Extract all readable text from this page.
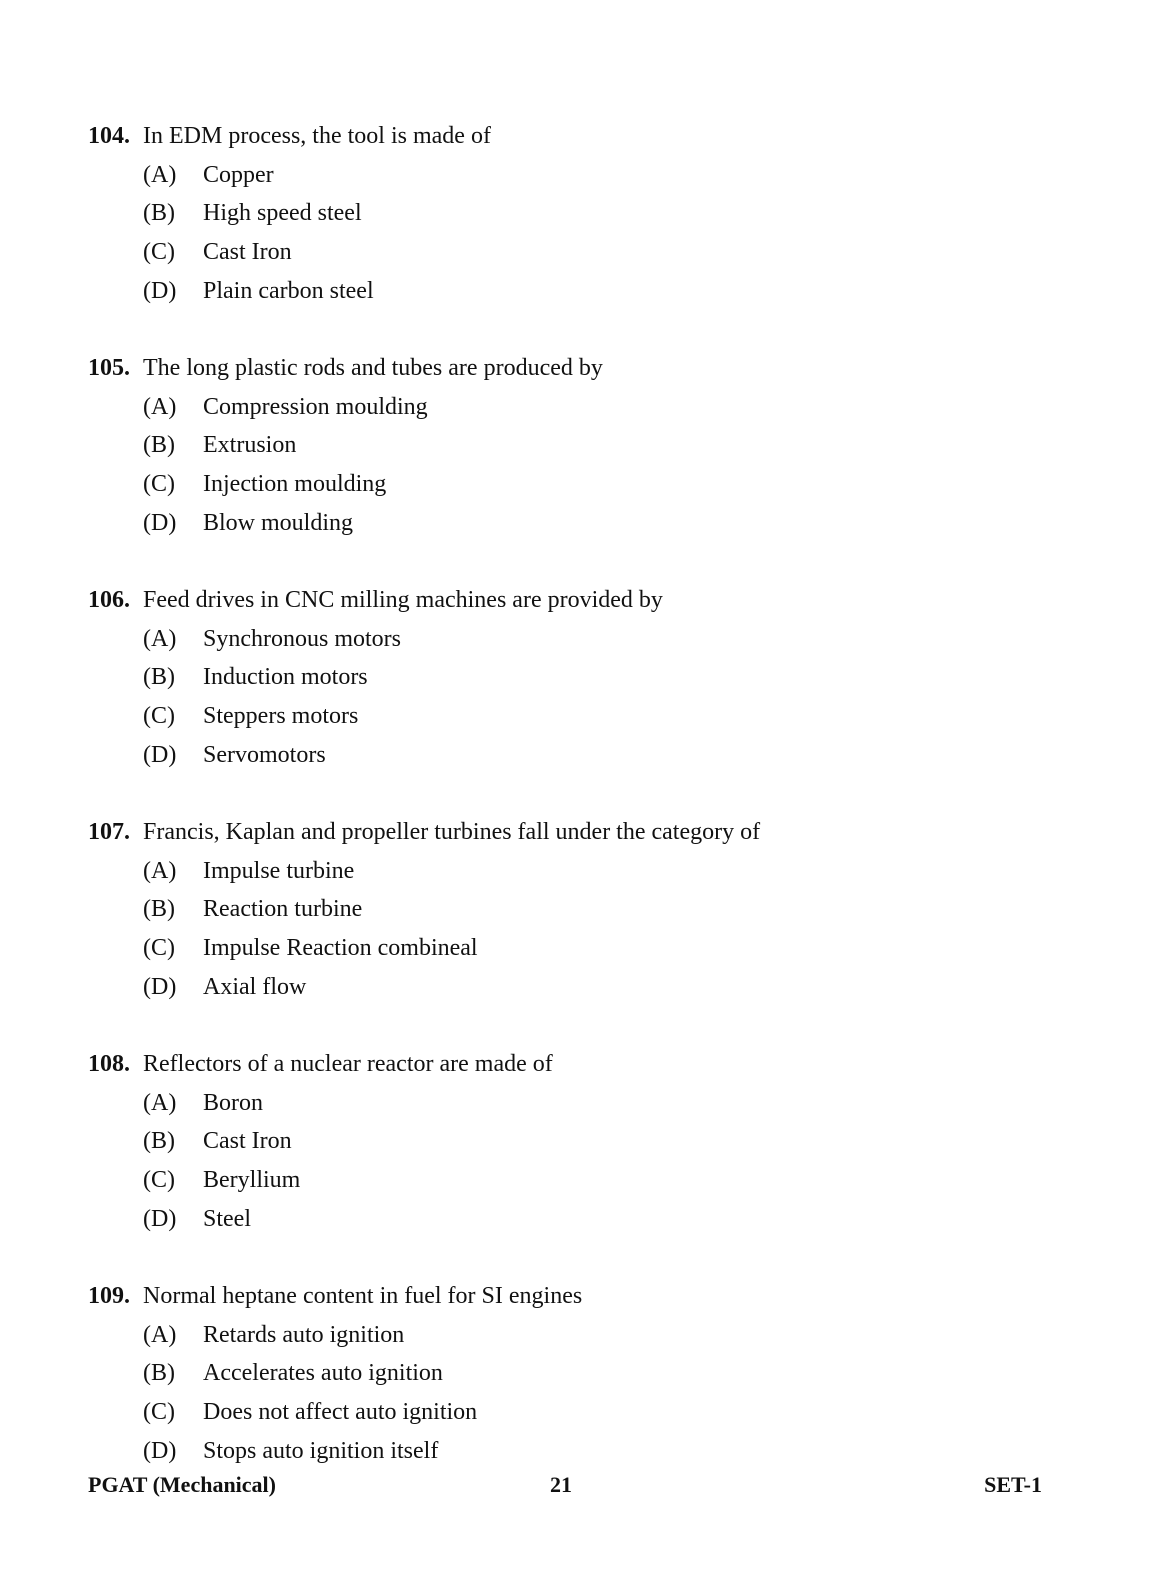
104. In EDM process, the tool is made of
(A) Copper
(B) High speed steel
(C) Cast Iron
(D) Plain carbon steel
105. The long plastic rods and tubes are produced by
(A) Compression moulding
(B) Extrusion
(C) Injection moulding
(D) Blow moulding
106. Feed drives in CNC milling machines are provided by
(A) Synchronous motors
(B) Induction motors
(C) Steppers motors
(D) Servomotors
107. Francis, Kaplan and propeller turbines fall under the category of
(A) Impulse turbine
(B) Reaction turbine
(C) Impulse Reaction combineal
(D) Axial flow
108. Reflectors of a nuclear reactor are made of
(A) Boron
(B) Cast Iron
(C) Beryllium
(D) Steel
109. Normal heptane content in fuel for SI engines
(A) Retards auto ignition
(B) Accelerates auto ignition
(C) Does not affect auto ignition
(D) Stops auto ignition itself
PGAT (Mechanical)	21	SET-1
